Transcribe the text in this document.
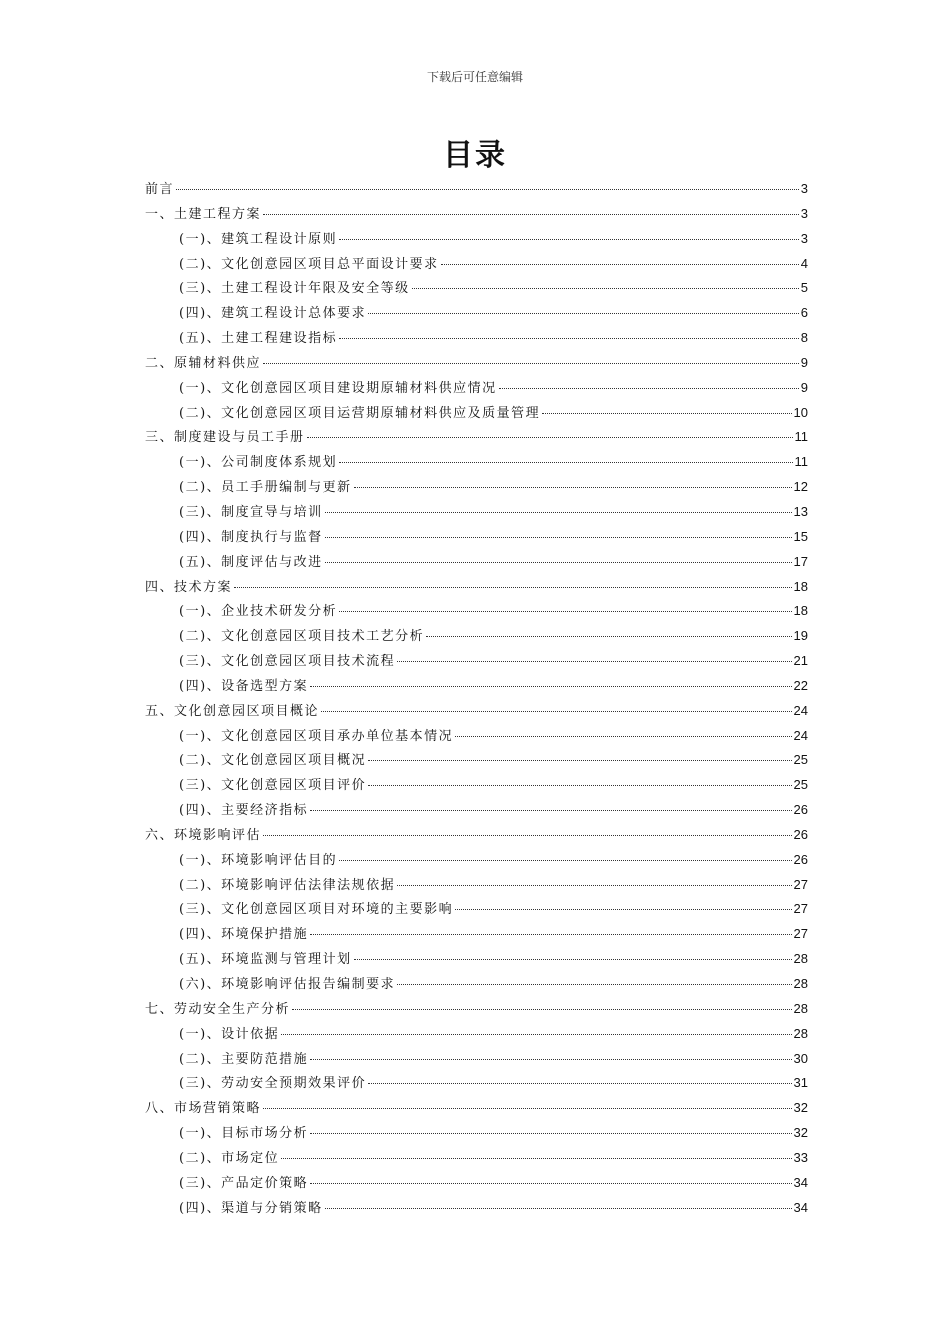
下载后可任意编辑
目录
前言	3
一、土建工程方案	3
(一)、建筑工程设计原则	3
(二)、文化创意园区项目总平面设计要求	4
(三)、土建工程设计年限及安全等级	5
(四)、建筑工程设计总体要求	6
(五)、土建工程建设指标	8
二、原辅材料供应	9
(一)、文化创意园区项目建设期原辅材料供应情况	9
(二)、文化创意园区项目运营期原辅材料供应及质量管理	10
三、制度建设与员工手册	11
(一)、公司制度体系规划	11
(二)、员工手册编制与更新	12
(三)、制度宣导与培训	13
(四)、制度执行与监督	15
(五)、制度评估与改进	17
四、技术方案	18
(一)、企业技术研发分析	18
(二)、文化创意园区项目技术工艺分析	19
(三)、文化创意园区项目技术流程	21
(四)、设备选型方案	22
五、文化创意园区项目概论	24
(一)、文化创意园区项目承办单位基本情况	24
(二)、文化创意园区项目概况	25
(三)、文化创意园区项目评价	25
(四)、主要经济指标	26
六、环境影响评估	26
(一)、环境影响评估目的	26
(二)、环境影响评估法律法规依据	27
(三)、文化创意园区项目对环境的主要影响	27
(四)、环境保护措施	27
(五)、环境监测与管理计划	28
(六)、环境影响评估报告编制要求	28
七、劳动安全生产分析	28
(一)、设计依据	28
(二)、主要防范措施	30
(三)、劳动安全预期效果评价	31
八、市场营销策略	32
(一)、目标市场分析	32
(二)、市场定位	33
(三)、产品定价策略	34
(四)、渠道与分销策略	34
